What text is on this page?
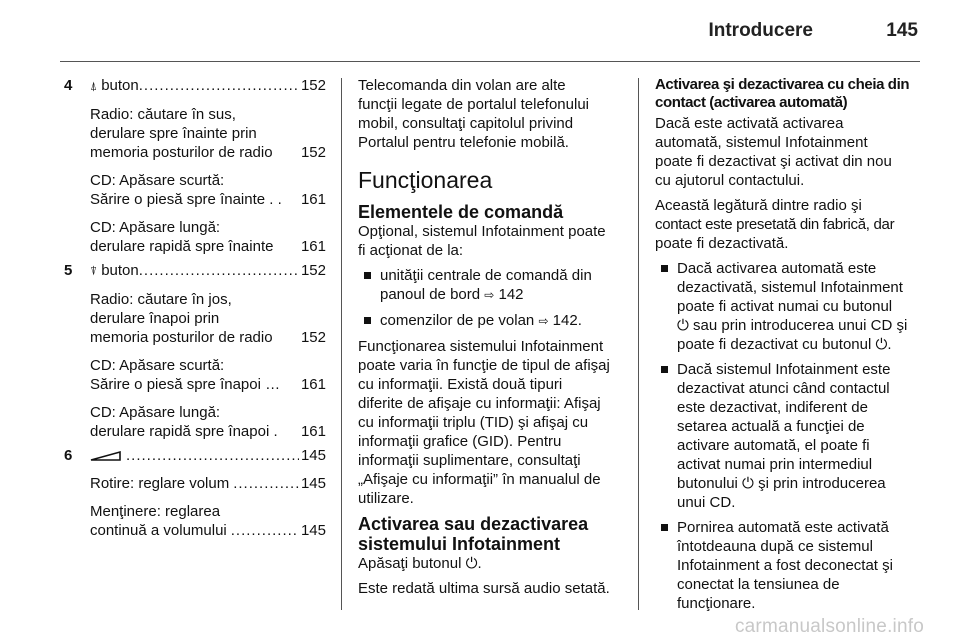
Introducere	145
4 ⍋ buton .....	152
Radio: căutare în sus,
derulare spre înainte prin
memoria posturilor de radio 152
CD: Apăsare scurtă:
Sărire o piesă spre înainte . . 161
CD: Apăsare lungă:
derulare rapidă spre înainte 161
5 ⍒ buton .....	152
Radio: căutare în jos,
derulare înapoi prin
memoria posturilor de radio 152
CD: Apăsare scurtă:
Sărire o piesă spre înapoi … 161
CD: Apăsare lungă:
derulare rapidă spre înapoi . 161
6 .....	145
Rotire: reglare volum .....	145
Menţinere: reglarea
continuă a volumului .....	145
Telecomanda din volan are alte
funcţii legate de portalul telefonului
mobil, consultaţi capitolul privind
Portalul pentru telefonie mobilă.
Funcţionarea
Elementele de comandă
Opţional, sistemul Infotainment poate
fi acţionat de la:
unităţii centrale de comandă din
panoul de bord ⇨ 142
comenzilor de pe volan ⇨ 142.
Funcţionarea sistemului Infotainment
poate varia în funcţie de tipul de afişaj
cu informaţii. Există două tipuri
diferite de afişaje cu informaţii: Afişaj
cu informaţii triplu (TID) şi afişaj cu
informaţii grafice (GID). Pentru
informaţii suplimentare, consultaţi
„Afişaje cu informaţii” în manualul de
utilizare.
Activarea sau dezactivarea
sistemului Infotainment
Apăsaţi butonul ⏻.
Este redată ultima sursă audio setată.
Activarea şi dezactivarea cu cheia din
contact (activarea automată)
Dacă este activată activarea
automată, sistemul Infotainment
poate fi dezactivat şi activat din nou
cu ajutorul contactului.
Această legătură dintre radio şi
contact este presetată din fabrică, dar
poate fi dezactivată.
Dacă activarea automată este
dezactivată, sistemul Infotainment
poate fi activat numai cu butonul
⏻ sau prin introducerea unui CD şi
poate fi dezactivat cu butonul ⏻.
Dacă sistemul Infotainment este
dezactivat atunci când contactul
este dezactivat, indiferent de
setarea actuală a funcţiei de
activare automată, el poate fi
activat numai prin intermediul
butonului ⏻ şi prin introducerea
unui CD.
Pornirea automată este activată
întotdeauna după ce sistemul
Infotainment a fost deconectat şi
conectat la tensiunea de
funcţionare.
carmanualsonline.info
